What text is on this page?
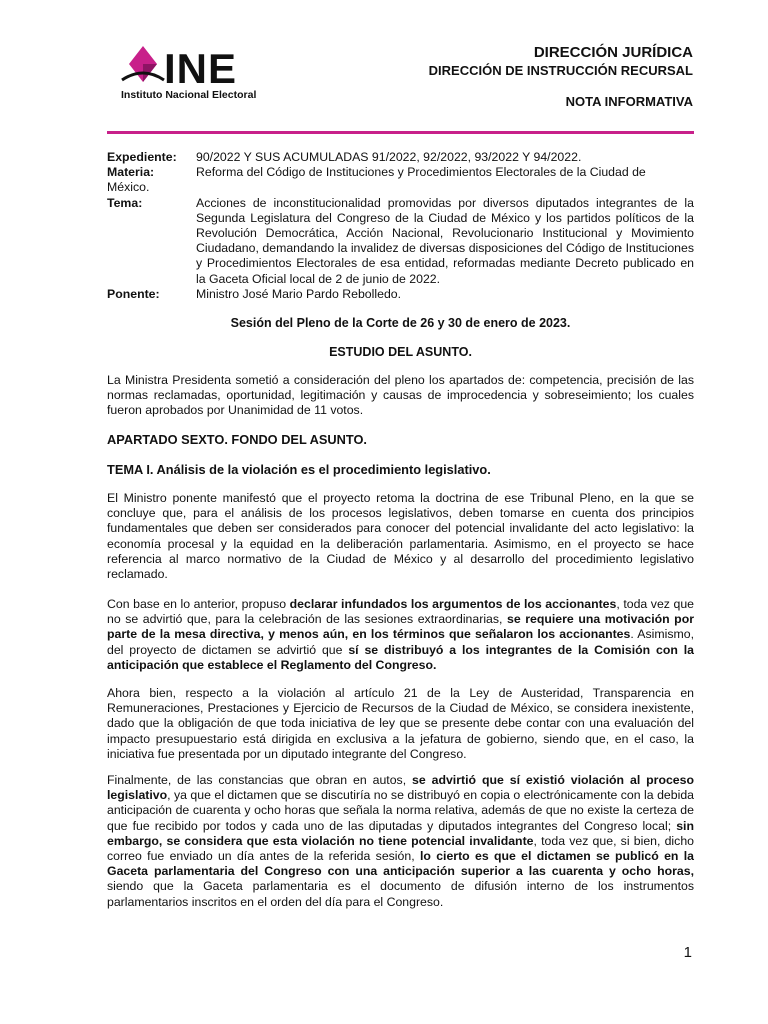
INE
Instituto Nacional Electoral
DIRECCIÓN JURÍDICA
DIRECCIÓN DE INSTRUCCIÓN RECURSAL
NOTA INFORMATIVA
Expediente: 90/2022 Y SUS ACUMULADAS 91/2022, 92/2022, 93/2022 Y 94/2022.
Materia:	Reforma del Código de Instituciones y Procedimientos Electorales de la Ciudad de
México.
Tema:	Acciones de inconstitucionalidad promovidas por diversos diputados integrantes de la Segunda Legislatura del Congreso de la Ciudad de México y los partidos políticos de la Revolución Democrática, Acción Nacional, Revolucionario Institucional y Movimiento Ciudadano, demandando la invalidez de diversas disposiciones del Código de Instituciones y Procedimientos Electorales de esa entidad, reformadas mediante Decreto publicado en la Gaceta Oficial local de 2 de junio de 2022.
Ponente:	Ministro José Mario Pardo Rebolledo.
Sesión del Pleno de la Corte de 26 y 30 de enero de 2023.
ESTUDIO DEL ASUNTO.
La Ministra Presidenta sometió a consideración del pleno los apartados de: competencia, precisión de las normas reclamadas, oportunidad, legitimación y causas de improcedencia y sobreseimiento; los cuales fueron aprobados por Unanimidad de 11 votos.
APARTADO SEXTO. FONDO DEL ASUNTO.
TEMA I. Análisis de la violación es el procedimiento legislativo.
El Ministro ponente manifestó que el proyecto retoma la doctrina de ese Tribunal Pleno, en la que se concluye que, para el análisis de los procesos legislativos, deben tomarse en cuenta dos principios fundamentales que deben ser considerados para conocer del potencial invalidante del acto legislativo: la economía procesal y la equidad en la deliberación parlamentaria. Asimismo, en el proyecto se hace referencia al marco normativo de la Ciudad de México y al desarrollo del procedimiento legislativo reclamado.
Con base en lo anterior, propuso declarar infundados los argumentos de los accionantes, toda vez que no se advirtió que, para la celebración de las sesiones extraordinarias, se requiere una motivación por parte de la mesa directiva, y menos aún, en los términos que señalaron los accionantes. Asimismo, del proyecto de dictamen se advirtió que sí se distribuyó a los integrantes de la Comisión con la anticipación que establece el Reglamento del Congreso.
Ahora bien, respecto a la violación al artículo 21 de la Ley de Austeridad, Transparencia en Remuneraciones, Prestaciones y Ejercicio de Recursos de la Ciudad de México, se considera inexistente, dado que la obligación de que toda iniciativa de ley que se presente debe contar con una evaluación del impacto presupuestario está dirigida en exclusiva a la jefatura de gobierno, siendo que, en el caso, la iniciativa fue presentada por un diputado integrante del Congreso.
Finalmente, de las constancias que obran en autos, se advirtió que sí existió violación al proceso legislativo, ya que el dictamen que se discutiría no se distribuyó en copia o electrónicamente con la debida anticipación de cuarenta y ocho horas que señala la norma relativa, además de que no existe la certeza de que fue recibido por todos y cada uno de las diputadas y diputados integrantes del Congreso local; sin embargo, se considera que esta violación no tiene potencial invalidante, toda vez que, si bien, dicho correo fue enviado un día antes de la referida sesión, lo cierto es que el dictamen se publicó en la Gaceta parlamentaria del Congreso con una anticipación superior a las cuarenta y ocho horas, siendo que la Gaceta parlamentaria es el documento de difusión interno de los instrumentos parlamentarios inscritos en el orden del día para el Congreso.
1
